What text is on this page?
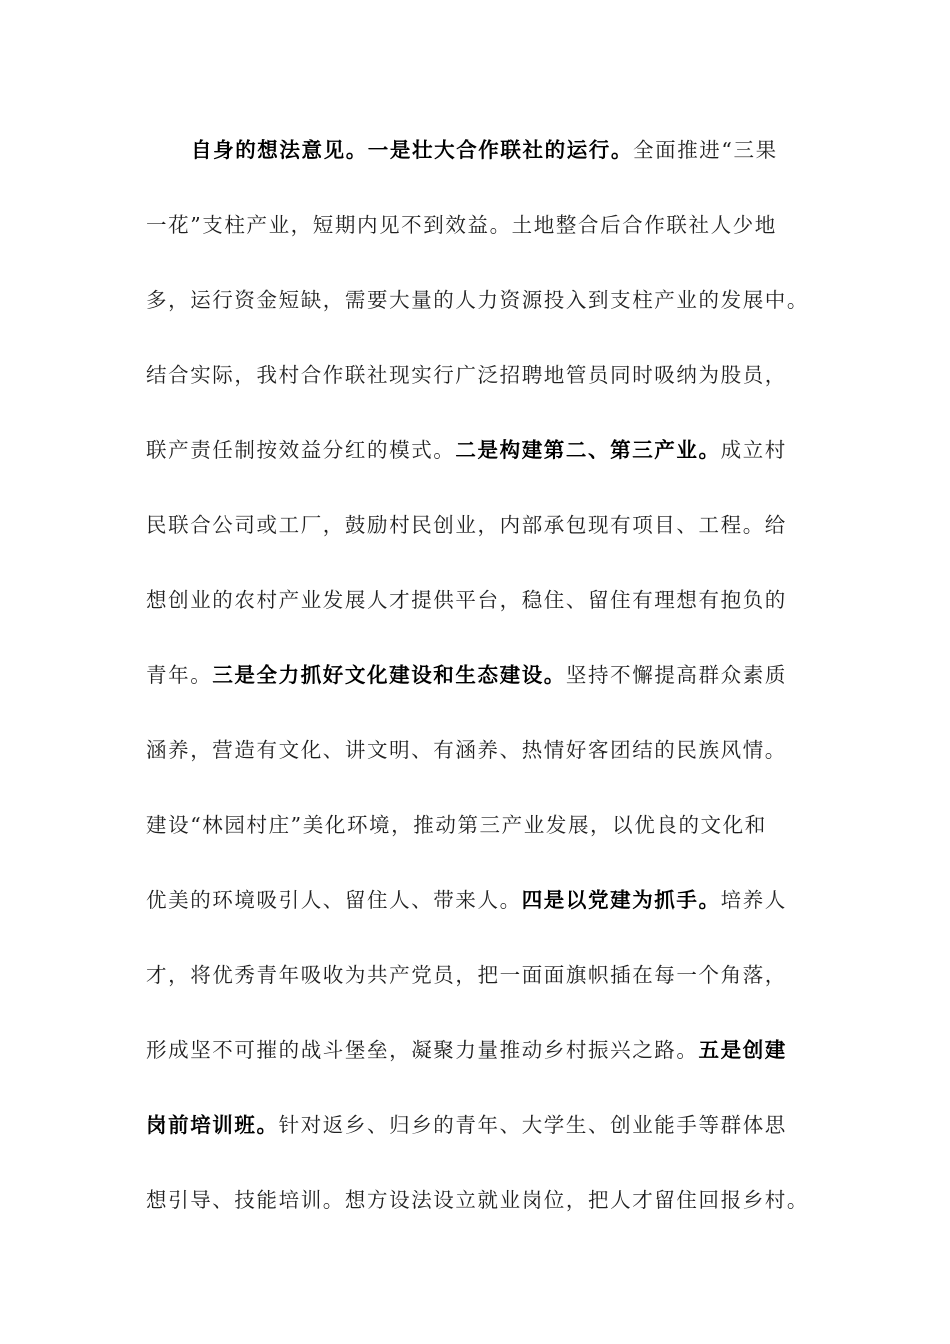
自身的想法意见。一是壮大合作联社的运行。全面推进“三果
一花”支柱产业，短期内见不到效益。土地整合后合作联社人少地
多，运行资金短缺，需要大量的人力资源投入到支柱产业的发展中。
结合实际，我村合作联社现实行广泛招聘地管员同时吸纳为股员，
联产责任制按效益分红的模式。二是构建第二、第三产业。成立村
民联合公司或工厂，鼓励村民创业，内部承包现有项目、工程。给
想创业的农村产业发展人才提供平台，稳住、留住有理想有抱负的
青年。三是全力抓好文化建设和生态建设。坚持不懈提高群众素质
涵养，营造有文化、讲文明、有涵养、热情好客团结的民族风情。
建设“林园村庄”美化环境，推动第三产业发展，以优良的文化和
优美的环境吸引人、留住人、带来人。四是以党建为抓手。培养人
才，将优秀青年吸收为共产党员，把一面面旗帜插在每一个角落，
形成坚不可摧的战斗堡垒，凝聚力量推动乡村振兴之路。五是创建
岗前培训班。针对返乡、归乡的青年、大学生、创业能手等群体思
想引导、技能培训。想方设法设立就业岗位，把人才留住回报乡村。
